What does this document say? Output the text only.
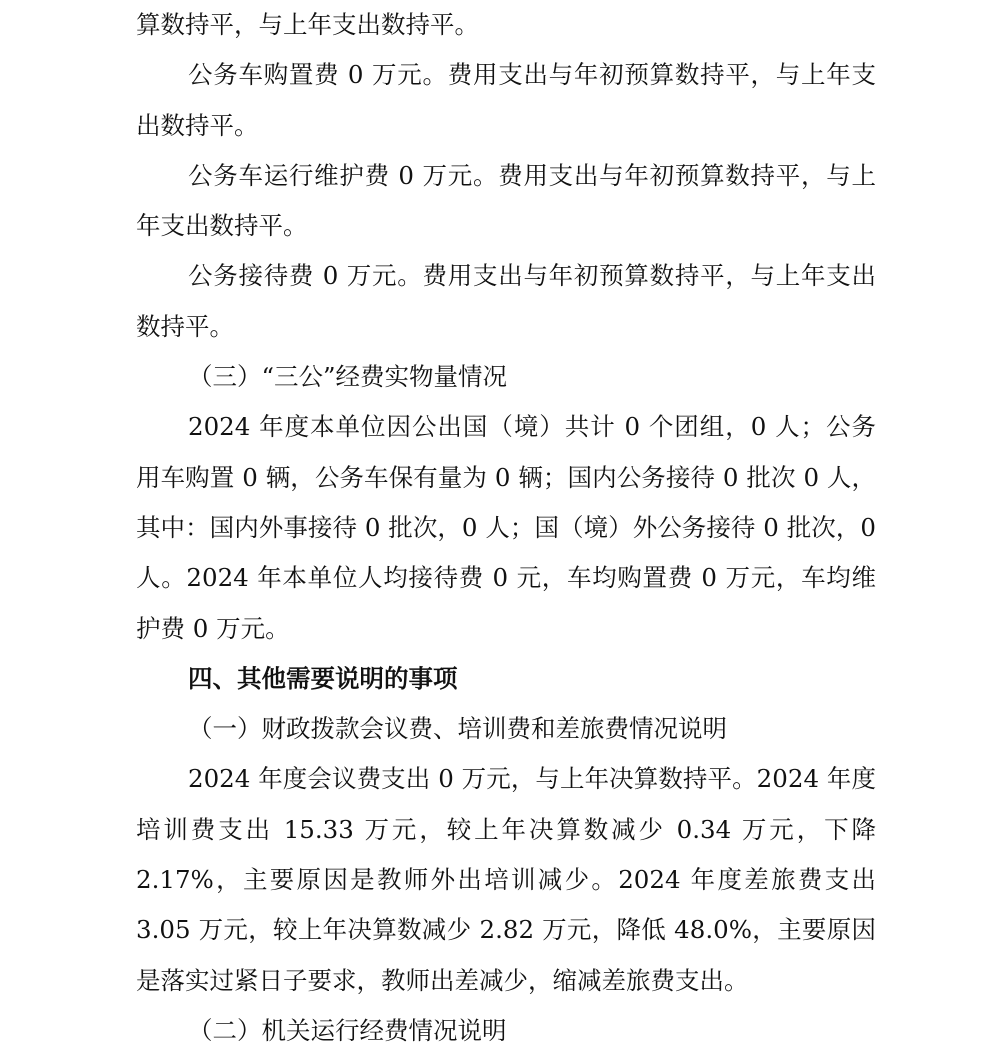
算数持平，与上年支出数持平。

公务车购置费 0 万元。费用支出与年初预算数持平，与上年支出数持平。

公务车运行维护费 0 万元。费用支出与年初预算数持平，与上年支出数持平。

公务接待费 0 万元。费用支出与年初预算数持平，与上年支出数持平。

（三）“三公”经费实物量情况

2024 年度本单位因公出国（境）共计 0 个团组，0 人；公务用车购置 0 辆，公务车保有量为 0 辆；国内公务接待 0 批次 0 人，其中：国内外事接待 0 批次，0 人；国（境）外公务接待 0 批次，0 人。2024 年本单位人均接待费 0 元，车均购置费 0 万元，车均维护费 0 万元。

四、其他需要说明的事项

（一）财政拨款会议费、培训费和差旅费情况说明

2024 年度会议费支出 0 万元，与上年决算数持平。2024 年度培训费支出 15.33 万元，较上年决算数减少 0.34 万元，下降 2.17%，主要原因是教师外出培训减少。2024 年度差旅费支出 3.05 万元，较上年决算数减少 2.82 万元，降低 48.0%，主要原因是落实过紧日子要求，教师出差减少，缩减差旅费支出。

（二）机关运行经费情况说明
